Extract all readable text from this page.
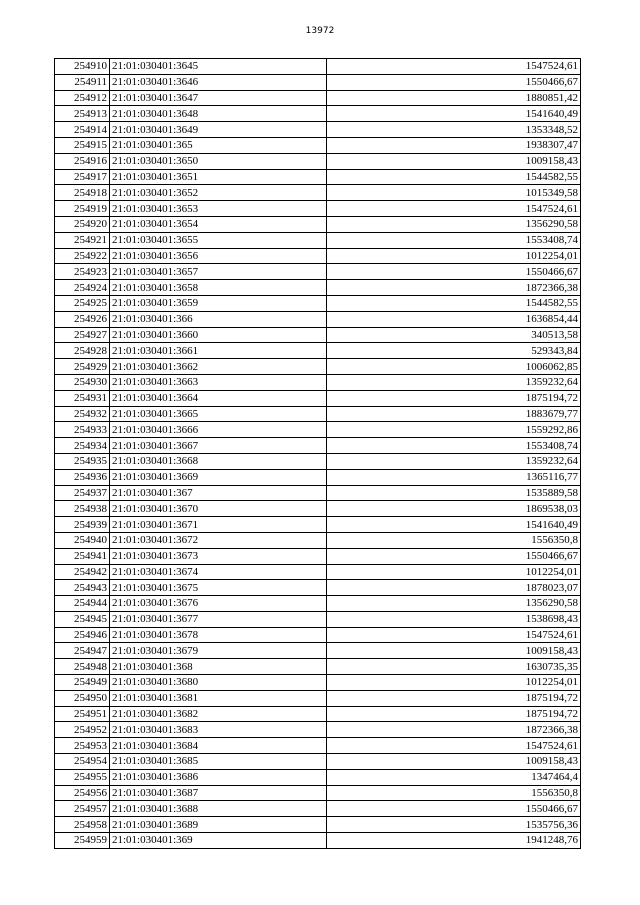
13972
254910	21:01:030401:3645	1547524,61
254911	21:01:030401:3646	1550466,67
254912	21:01:030401:3647	1880851,42
254913	21:01:030401:3648	1541640,49
254914	21:01:030401:3649	1353348,52
254915	21:01:030401:365	1938307,47
254916	21:01:030401:3650	1009158,43
254917	21:01:030401:3651	1544582,55
254918	21:01:030401:3652	1015349,58
254919	21:01:030401:3653	1547524,61
254920	21:01:030401:3654	1356290,58
254921	21:01:030401:3655	1553408,74
254922	21:01:030401:3656	1012254,01
254923	21:01:030401:3657	1550466,67
254924	21:01:030401:3658	1872366,38
254925	21:01:030401:3659	1544582,55
254926	21:01:030401:366	1636854,44
254927	21:01:030401:3660	340513,58
254928	21:01:030401:3661	529343,84
254929	21:01:030401:3662	1006062,85
254930	21:01:030401:3663	1359232,64
254931	21:01:030401:3664	1875194,72
254932	21:01:030401:3665	1883679,77
254933	21:01:030401:3666	1559292,86
254934	21:01:030401:3667	1553408,74
254935	21:01:030401:3668	1359232,64
254936	21:01:030401:3669	1365116,77
254937	21:01:030401:367	1535889,58
254938	21:01:030401:3670	1869538,03
254939	21:01:030401:3671	1541640,49
254940	21:01:030401:3672	1556350,8
254941	21:01:030401:3673	1550466,67
254942	21:01:030401:3674	1012254,01
254943	21:01:030401:3675	1878023,07
254944	21:01:030401:3676	1356290,58
254945	21:01:030401:3677	1538698,43
254946	21:01:030401:3678	1547524,61
254947	21:01:030401:3679	1009158,43
254948	21:01:030401:368	1630735,35
254949	21:01:030401:3680	1012254,01
254950	21:01:030401:3681	1875194,72
254951	21:01:030401:3682	1875194,72
254952	21:01:030401:3683	1872366,38
254953	21:01:030401:3684	1547524,61
254954	21:01:030401:3685	1009158,43
254955	21:01:030401:3686	1347464,4
254956	21:01:030401:3687	1556350,8
254957	21:01:030401:3688	1550466,67
254958	21:01:030401:3689	1535756,36
254959	21:01:030401:369	1941248,76
